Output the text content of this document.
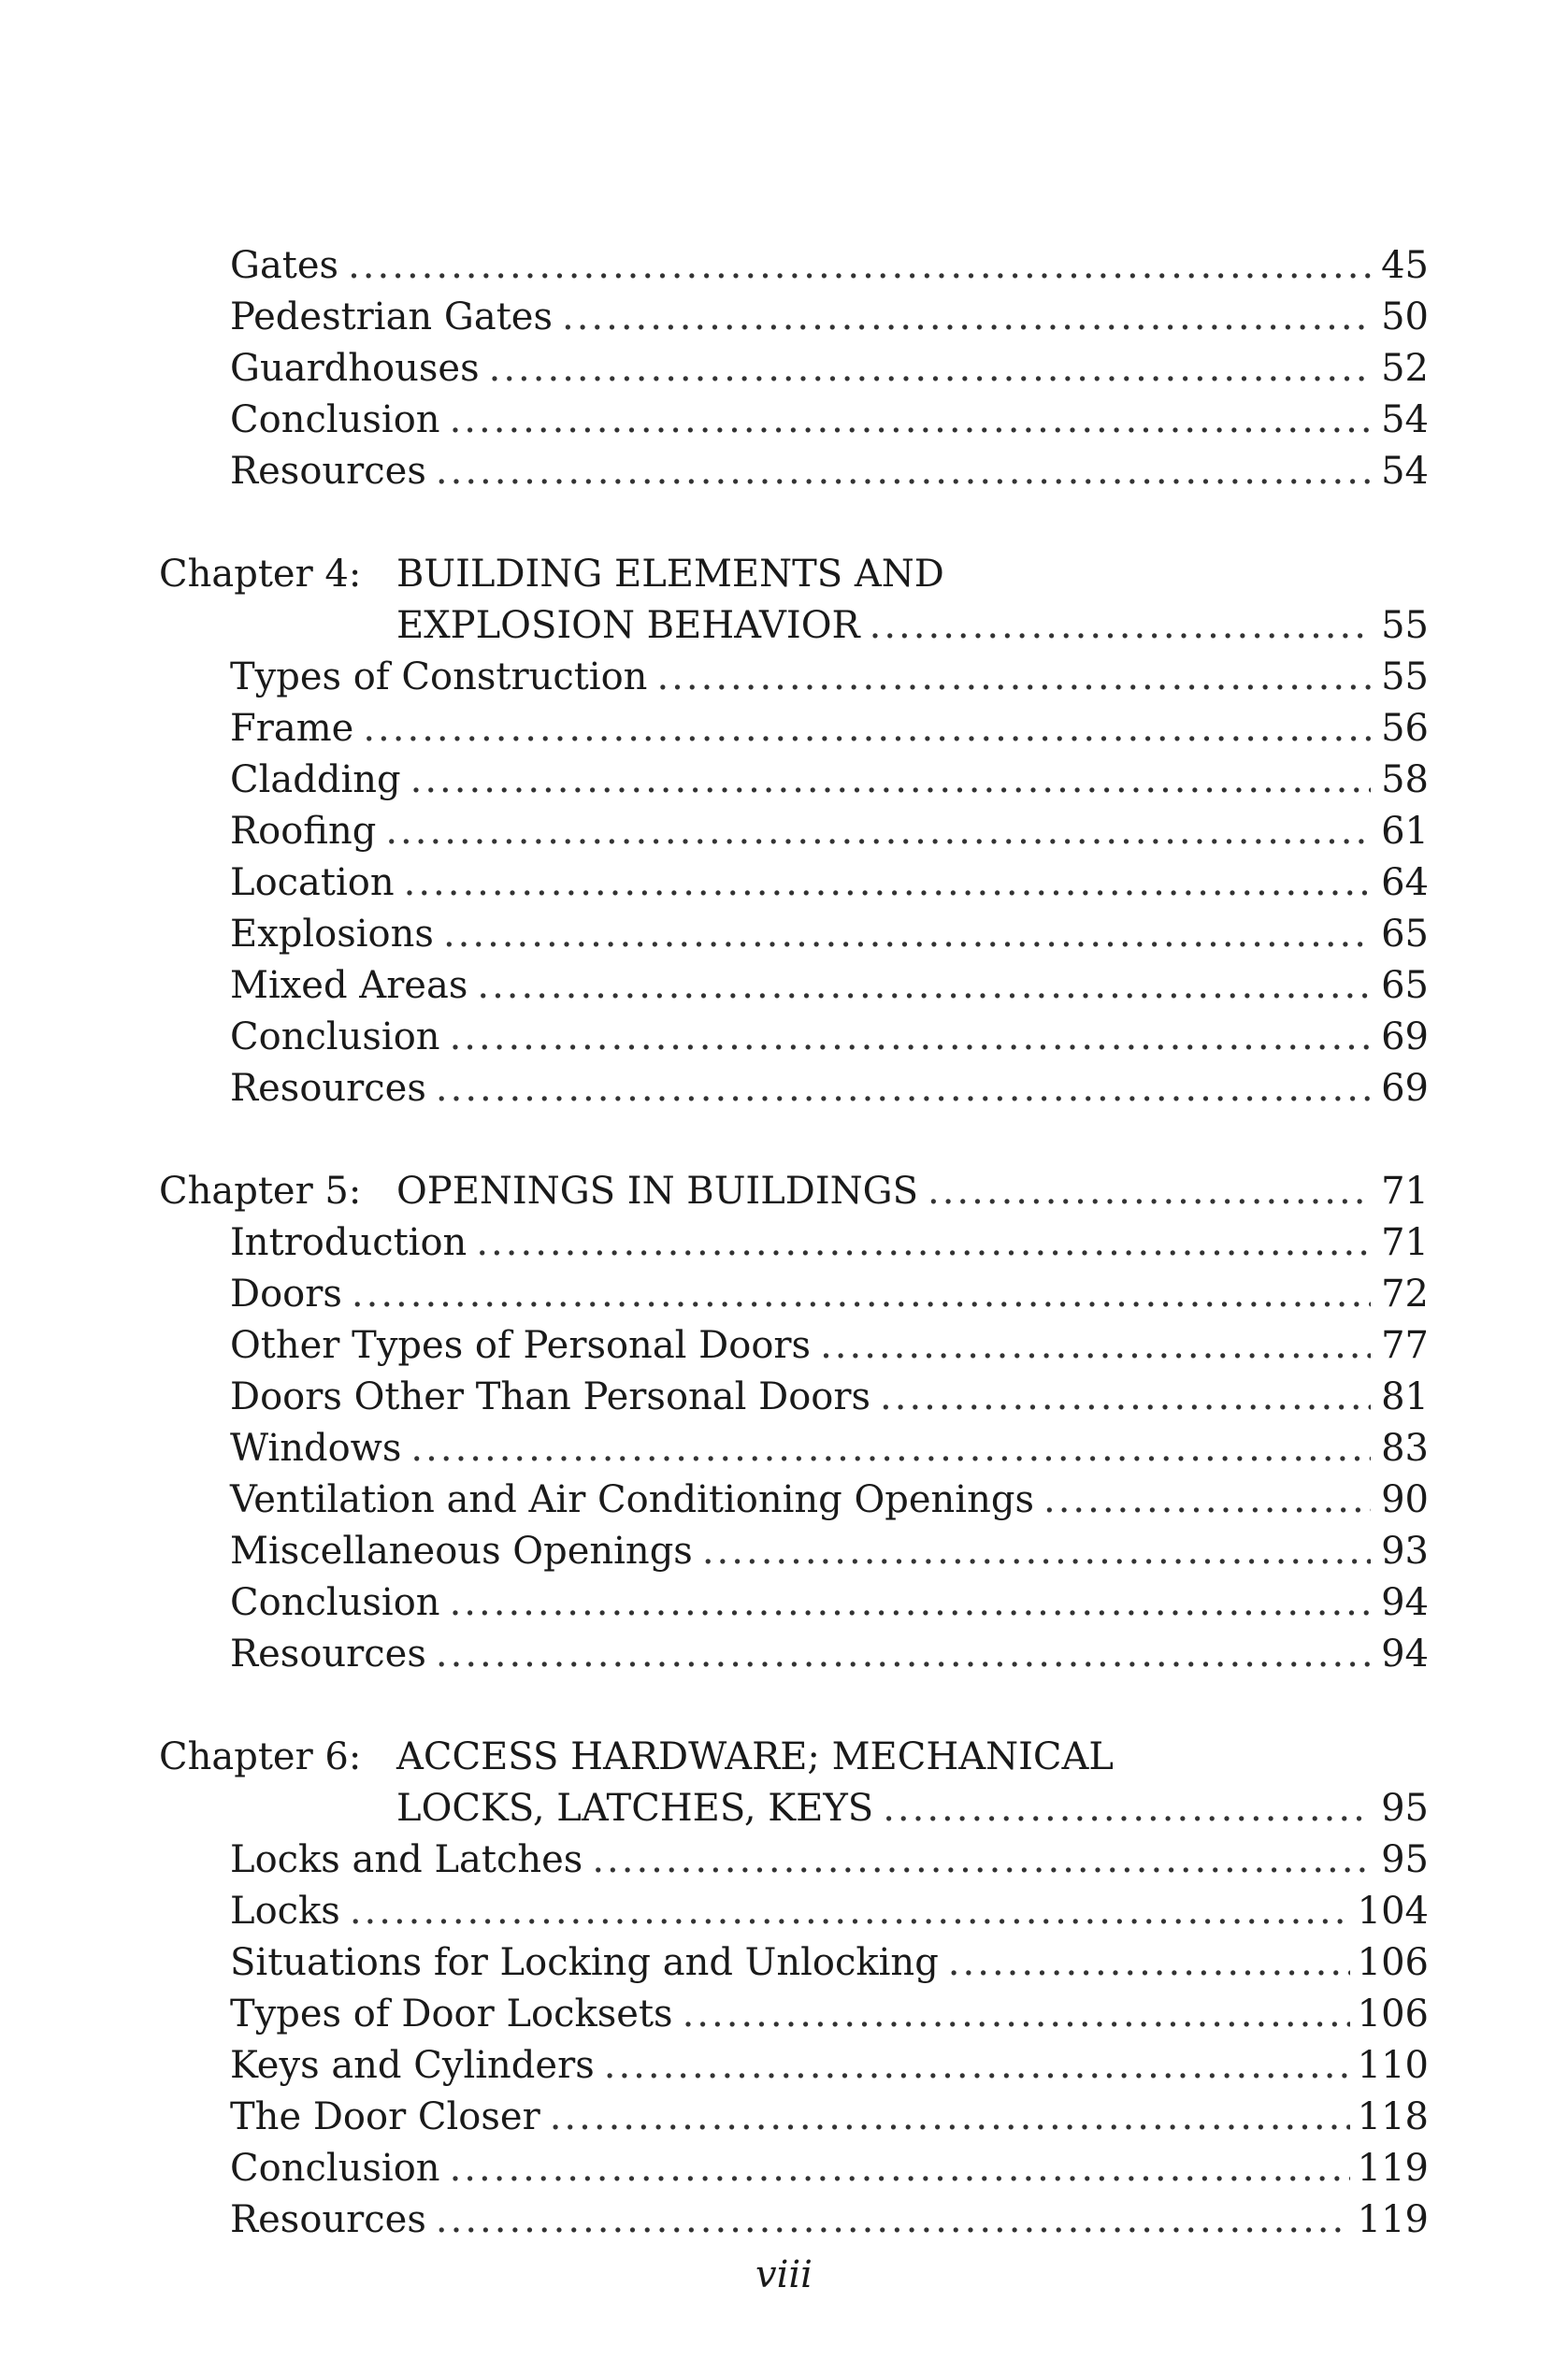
Gates .....	45
Pedestrian Gates .....	50
Guardhouses .....	52
Conclusion .....	54
Resources .....	54
Chapter 4: BUILDING ELEMENTS AND
EXPLOSION BEHAVIOR .....	55
Types of Construction .....	55
Frame .....	56
Cladding .....	58
Roofing .....	61
Location .....	64
Explosions .....	65
Mixed Areas .....	65
Conclusion .....	69
Resources .....	69
Chapter 5: OPENINGS IN BUILDINGS .....	71
Introduction .....	71
Doors .....	72
Other Types of Personal Doors .....	77
Doors Other Than Personal Doors .....	81
Windows .....	83
Ventilation and Air Conditioning Openings .....	90
Miscellaneous Openings .....	93
Conclusion .....	94
Resources .....	94
Chapter 6: ACCESS HARDWARE; MECHANICAL
LOCKS, LATCHES, KEYS .....	95
Locks and Latches .....	95
Locks .....	104
Situations for Locking and Unlocking .....	106
Types of Door Locksets .....	106
Keys and Cylinders .....	110
The Door Closer .....	118
Conclusion .....	119
Resources .....	119
viii
